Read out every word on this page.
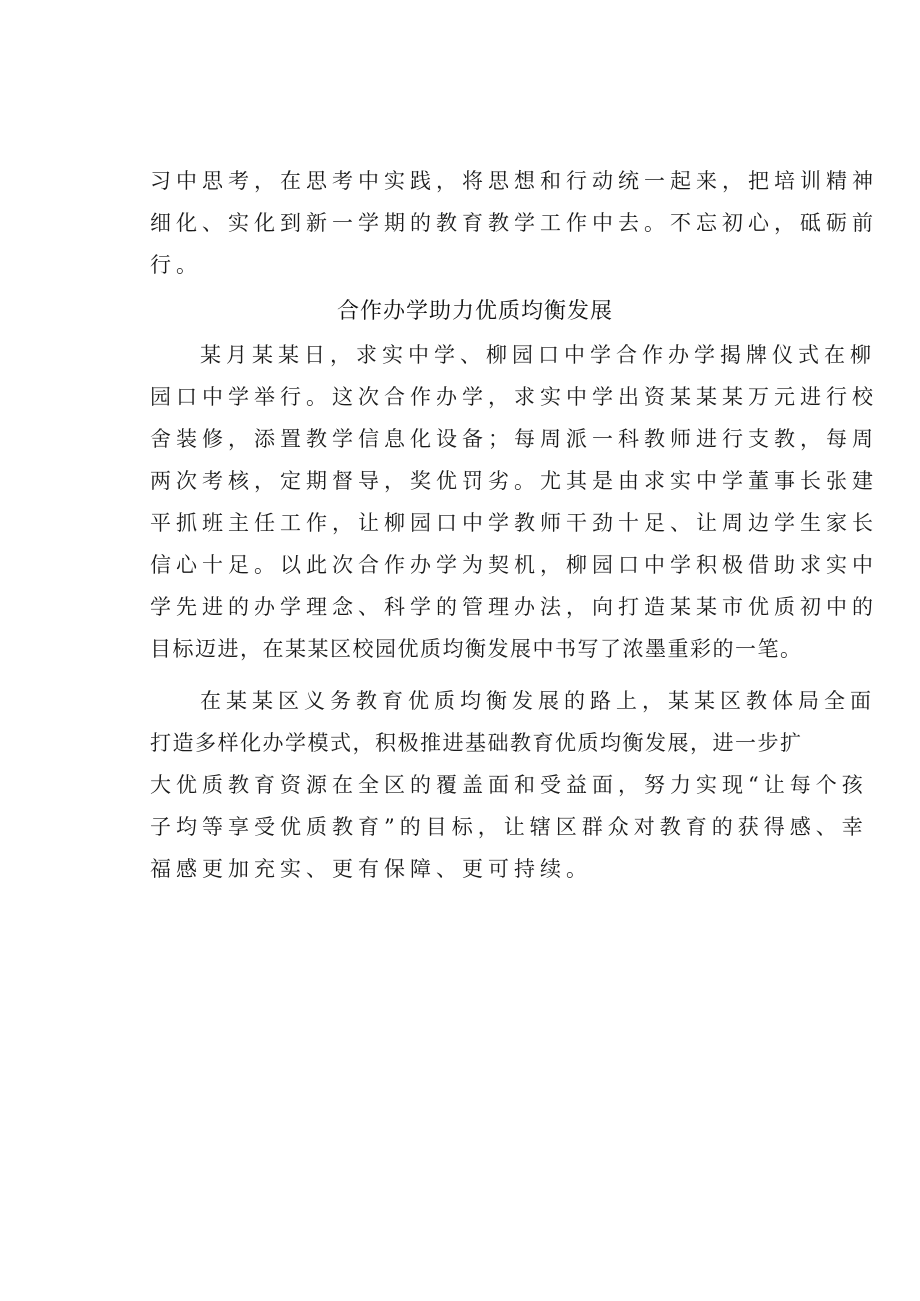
习中思考，在思考中实践，将思想和行动统一起来，把培训精神
细化、实化到新一学期的教育教学工作中去。不忘初心，砥砺前
行。
合作办学助力优质均衡发展
某月某某日，求实中学、柳园口中学合作办学揭牌仪式在柳
园口中学举行。这次合作办学，求实中学出资某某某万元进行校
舍装修，添置教学信息化设备；每周派一科教师进行支教，每周
两次考核，定期督导，奖优罚劣。尤其是由求实中学董事长张建
平抓班主任工作，让柳园口中学教师干劲十足、让周边学生家长
信心十足。以此次合作办学为契机，柳园口中学积极借助求实中
学先进的办学理念、科学的管理办法，向打造某某市优质初中的
目标迈进，在某某区校园优质均衡发展中书写了浓墨重彩的一笔。
在某某区义务教育优质均衡发展的路上，某某区教体局全面
打造多样化办学模式，积极推进基础教育优质均衡发展，进一步扩
大优质教育资源在全区的覆盖面和受益面，努力实现“让每个孩
子均等享受优质教育”的目标，让辖区群众对教育的获得感、幸
福感更加充实、更有保障、更可持续。
